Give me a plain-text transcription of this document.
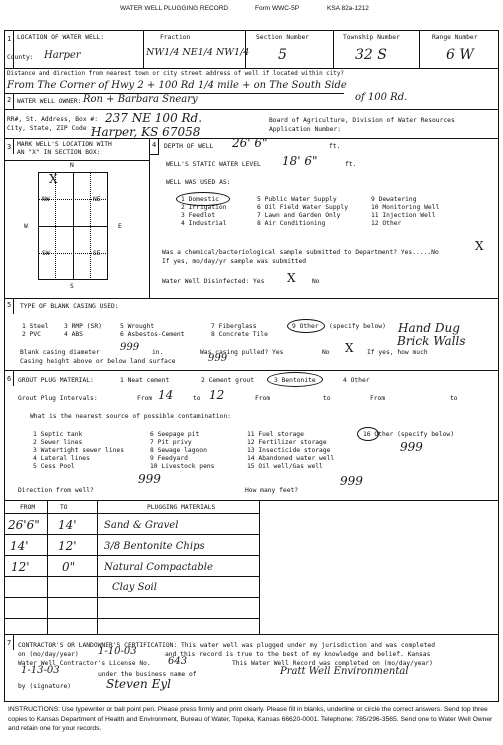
WATER WELL PLUGGING RECORD	Form WWC-5P	KSA 82a-1212
1 LOCATION OF WATER WELL:
County: Harper
Fraction
NW1/4 NE1/4 NW1/4
Section Number
5
Township Number
32 S
Range Number
6 W
Distance and direction from nearest town or city street address of well if located within city?
From The Corner of Hwy 2 + 100 Rd 1/4 mile + on The South Side
of 100 Rd.
2 WATER WELL OWNER: Ron + Barbara Sneary
RR#, St. Address, Box #: 237 NE 100 Rd.
City, State, ZIP Code :
Harper, KS 67058
Board of Agriculture, Division of Water Resources
Application Number:
3 MARK WELL'S LOCATION WITH
AN "X" IN SECTION BOX:
N
S
W	E
NW	NE
SW	SE
X
4 DEPTH OF WELL 26' 6"	ft.
WELL'S STATIC WATER LEVEL 18' 6"	ft.
WELL WAS USED AS:
1 Domestic
2 Irrigation
3 Feedlot
4 Industrial
5 Public Water Supply
6 Oil Field Water Supply
7 Lawn and Garden Only
8 Air Conditioning
9 Dewatering
10 Monitoring Well
11 Injection Well
12 Other
Was a chemical/bacteriological sample submitted to Department? Yes.....No	X
If yes, mo/day/yr sample was submitted
Water Well Disinfected: Yes X	No
5 TYPE OF BLANK CASING USED:
1 Steel
2 PVC
3 RMP (SR)
4 ABS
5 Wrought
6 Asbestos-Cement
7 Fiberglass
8 Concrete Tile
9 Other (specify below) Hand Dug
Brick Walls
Blank casing diameter 999 in.	Was casing pulled? Yes	No X If yes, how much
Casing height above or below land surface	999
6 GROUT PLUG MATERIAL:	1 Neat cement	2 Cement grout	3 Bentonite	4 Other
Grout Plug Intervals:	From 14	to 12	From	to	From	to
What is the nearest source of possible contamination:
1 Septic tank
2 Sewer lines
3 Watertight sewer lines
4 Lateral lines
5 Cess Pool
6 Seepage pit
7 Pit privy
8 Sewage lagoon
9 Feedyard
10 Livestock pens
11 Fuel storage
12 Fertilizer storage
13 Insecticide storage
14 Abandoned water well
15 Oil well/Gas well
16 Other (specify below)
999
Direction from well?
999
How many feet?
999
FROM	TO	PLUGGING MATERIALS
26'6" 14'	Sand & Gravel
14' 12'	3/8 Bentonite Chips
12'	0"	Natural Compactable
Clay Soil
7 CONTRACTOR'S OR LANDOWNER'S CERTIFICATION: This water well was plugged under my jurisdiction and was completed
on (mo/day/year) 1-10-03	and this record is true to the best of my knowledge and belief. Kansas
Water Well Contractor's License No. 643	This Water Well Record was completed on (mo/day/year)
1-13-03	under the business name of	Pratt Well Environmental
by (signature)	Steven Eyl
INSTRUCTIONS: Use typewriter or ball point pen. Please press firmly and print clearly. Please fill in blanks, underline or circle the correct answers. Send top three copies to Kansas Department of Health and Environment, Bureau of Water, Topeka, Kansas 66620-0001. Telephone: 785/296-3565. Send one to Water Well Owner and retain one for your records.
